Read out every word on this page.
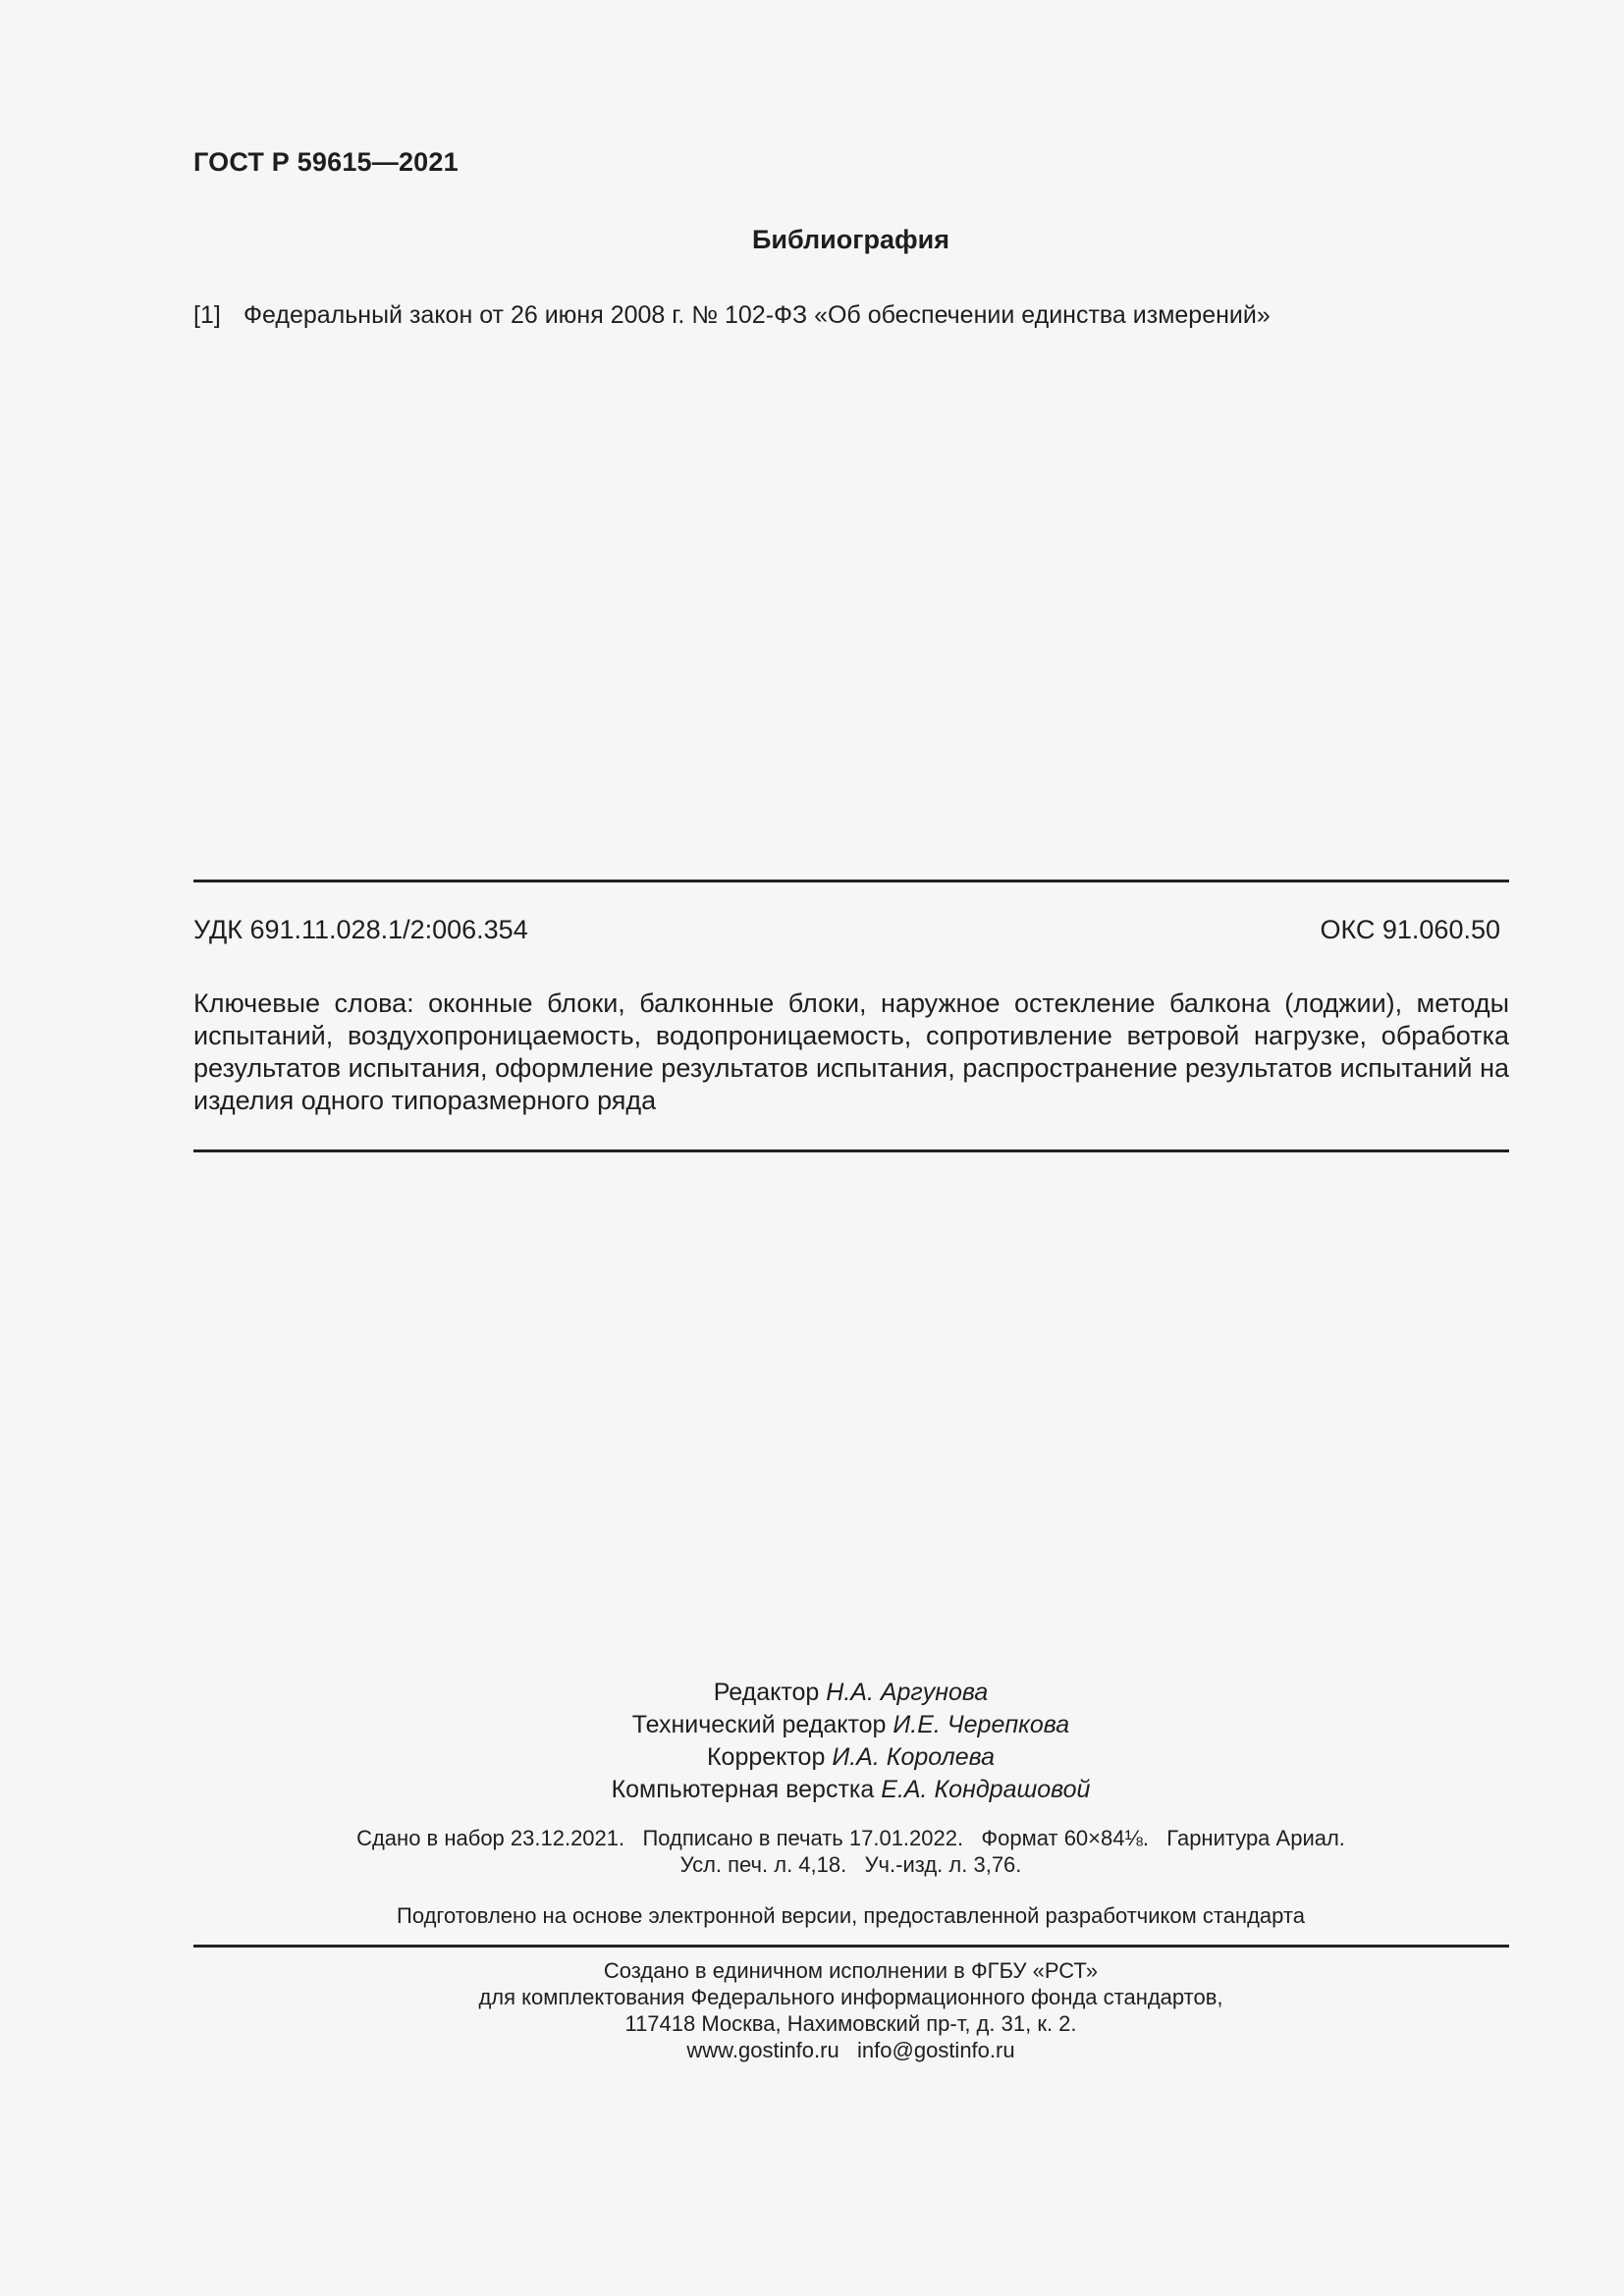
ГОСТ Р 59615—2021
Библиография
[1] Федеральный закон от 26 июня 2008 г. № 102-ФЗ «Об обеспечении единства измерений»
УДК 691.11.028.1/2:006.354	ОКС 91.060.50
Ключевые слова: оконные блоки, балконные блоки, наружное остекление балкона (лоджии), методы испытаний, воздухопроницаемость, водопроницаемость, сопротивление ветровой нагрузке, обработка результатов испытания, оформление результатов испытания, распространение результатов испытаний на изделия одного типоразмерного ряда
Редактор Н.А. Аргунова
Технический редактор И.Е. Черепкова
Корректор И.А. Королева
Компьютерная верстка Е.А. Кондрашовой
Сдано в набор 23.12.2021.   Подписано в печать 17.01.2022.   Формат 60×84⅛.   Гарнитура Ариал.
Усл. печ. л. 4,18.   Уч.-изд. л. 3,76.
Подготовлено на основе электронной версии, предоставленной разработчиком стандарта
Создано в единичном исполнении в ФГБУ «РСТ»
для комплектования Федерального информационного фонда стандартов,
117418 Москва, Нахимовский пр-т, д. 31, к. 2.
www.gostinfo.ru info@gostinfo.ru
